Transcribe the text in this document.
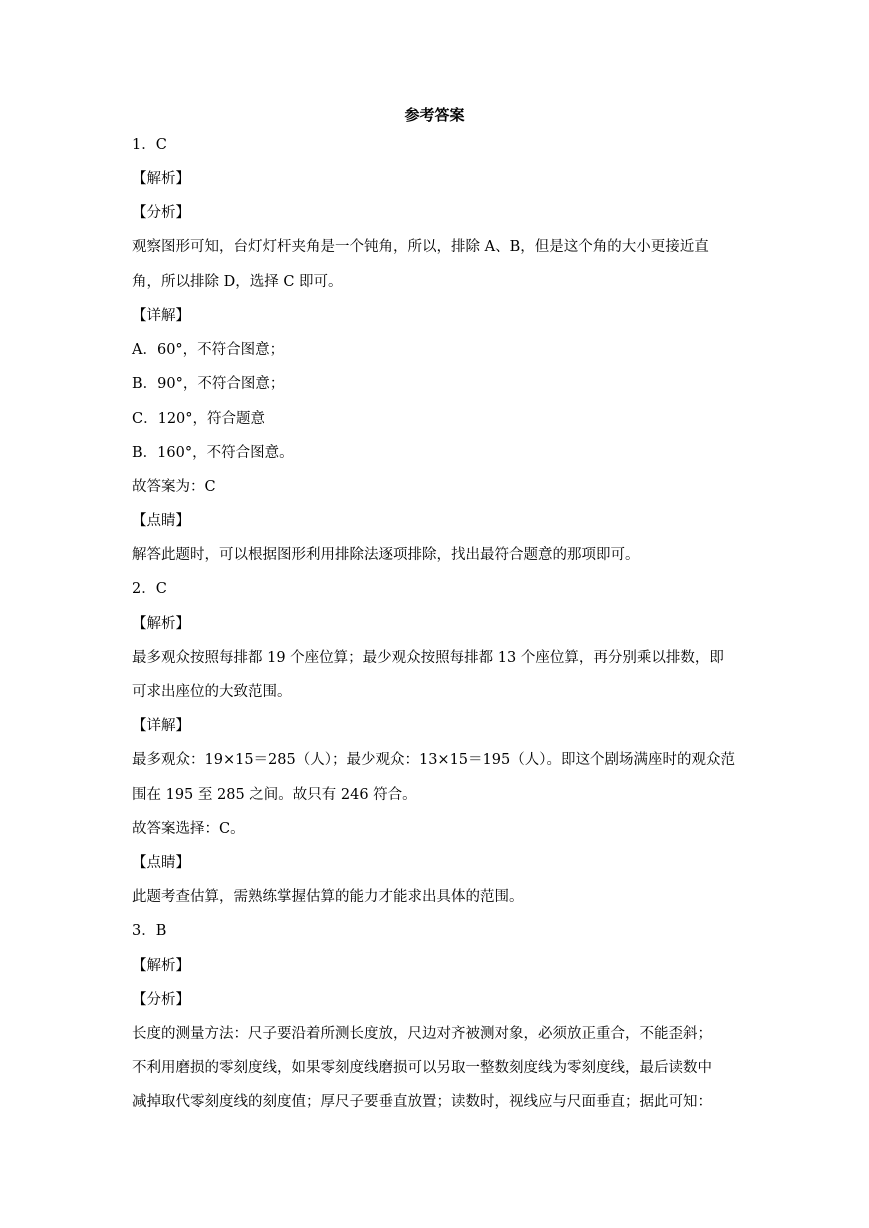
参考答案
1．C
【解析】
【分析】
观察图形可知，台灯灯杆夹角是一个钝角，所以，排除 A、B，但是这个角的大小更接近直
角，所以排除 D，选择 C 即可。
【详解】
A．60°，不符合图意；
B．90°，不符合图意；
C．120°，符合题意
B．160°，不符合图意。
故答案为：C
【点睛】
解答此题时，可以根据图形利用排除法逐项排除，找出最符合题意的那项即可。
2．C
【解析】
最多观众按照每排都 19 个座位算；最少观众按照每排都 13 个座位算，再分别乘以排数，即
可求出座位的大致范围。
【详解】
最多观众：19×15＝285（人）；最少观众：13×15＝195（人）。即这个剧场满座时的观众范
围在 195 至 285 之间。故只有 246 符合。
故答案选择：C。
【点睛】
此题考查估算，需熟练掌握估算的能力才能求出具体的范围。
3．B
【解析】
【分析】
长度的测量方法：尺子要沿着所测长度放，尺边对齐被测对象，必须放正重合，不能歪斜；
不利用磨损的零刻度线，如果零刻度线磨损可以另取一整数刻度线为零刻度线，最后读数中
减掉取代零刻度线的刻度值；厚尺子要垂直放置；读数时，视线应与尺面垂直；据此可知：
